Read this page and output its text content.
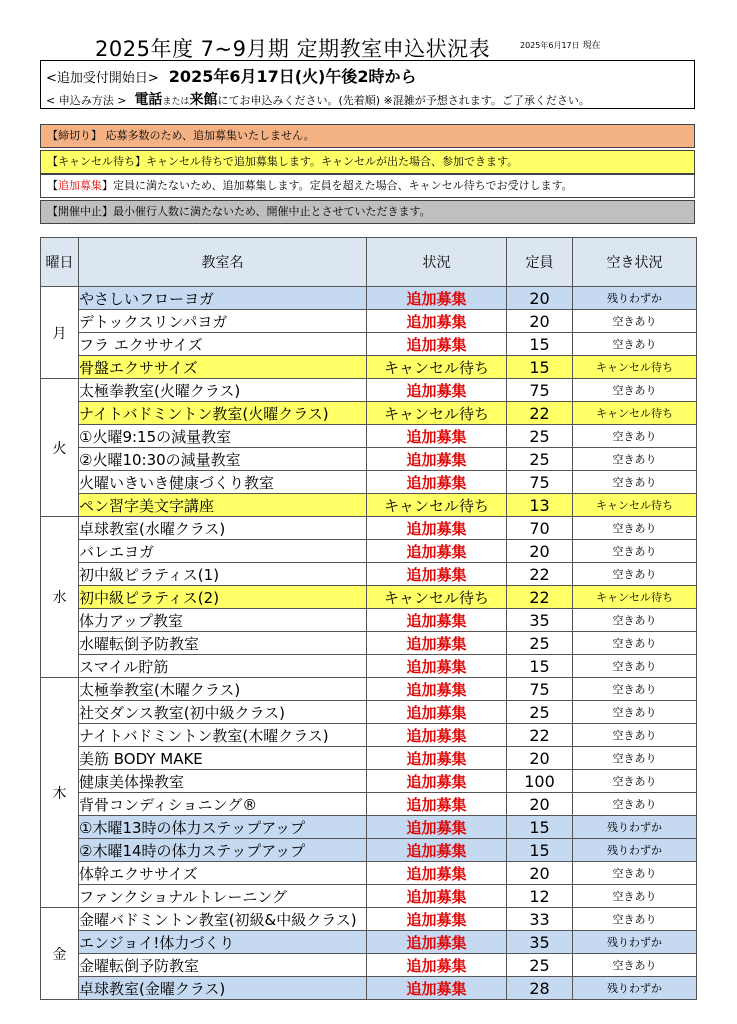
2025年度 7~9月期 定期教室申込状況表	2025年6月17日 現在
<追加受付開始日> 2025年6月17日(火)午後2時から
< 申込み方法 > 電話または来館にてお申込みください。(先着順) ※混雑が予想されます。ご了承ください。
【締切り】 応募多数のため、追加募集いたしません。
【キャンセル待ち】キャンセル待ちで追加募集します。キャンセルが出た場合、参加できます。
【追加募集】定員に満たないため、追加募集します。定員を超えた場合、キャンセル待ちでお受けします。
【開催中止】最小催行人数に満たないため、開催中止とさせていただきます。
曜日	教室名	状況	定員	空き状況
月	やさしいフローヨガ	追加募集	20	残りわずか
	デトックスリンパヨガ	追加募集	20	空きあり
	フラ エクササイズ	追加募集	15	空きあり
	骨盤エクササイズ	キャンセル待ち	15	キャンセル待ち
火	太極拳教室(火曜クラス)	追加募集	75	空きあり
	ナイトバドミントン教室(火曜クラス)	キャンセル待ち	22	キャンセル待ち
	①火曜9:15の減量教室	追加募集	25	空きあり
	②火曜10:30の減量教室	追加募集	25	空きあり
	火曜いきいき健康づくり教室	追加募集	75	空きあり
	ペン習字美文字講座	キャンセル待ち	13	キャンセル待ち
水	卓球教室(水曜クラス)	追加募集	70	空きあり
	バレエヨガ	追加募集	20	空きあり
	初中級ピラティス(1)	追加募集	22	空きあり
	初中級ピラティス(2)	キャンセル待ち	22	キャンセル待ち
	体力アップ教室	追加募集	35	空きあり
	水曜転倒予防教室	追加募集	25	空きあり
	スマイル貯筋	追加募集	15	空きあり
木	太極拳教室(木曜クラス)	追加募集	75	空きあり
	社交ダンス教室(初中級クラス)	追加募集	25	空きあり
	ナイトバドミントン教室(木曜クラス)	追加募集	22	空きあり
	美筋 BODY MAKE	追加募集	20	空きあり
	健康美体操教室	追加募集	100	空きあり
	背骨コンディショニング®	追加募集	20	空きあり
	①木曜13時の体力ステップアップ	追加募集	15	残りわずか
	②木曜14時の体力ステップアップ	追加募集	15	残りわずか
	体幹エクササイズ	追加募集	20	空きあり
	ファンクショナルトレーニング	追加募集	12	空きあり
金	金曜バドミントン教室(初級&中級クラス)	追加募集	33	空きあり
	エンジョイ!体力づくり	追加募集	35	残りわずか
	金曜転倒予防教室	追加募集	25	空きあり
	卓球教室(金曜クラス)	追加募集	28	残りわずか
